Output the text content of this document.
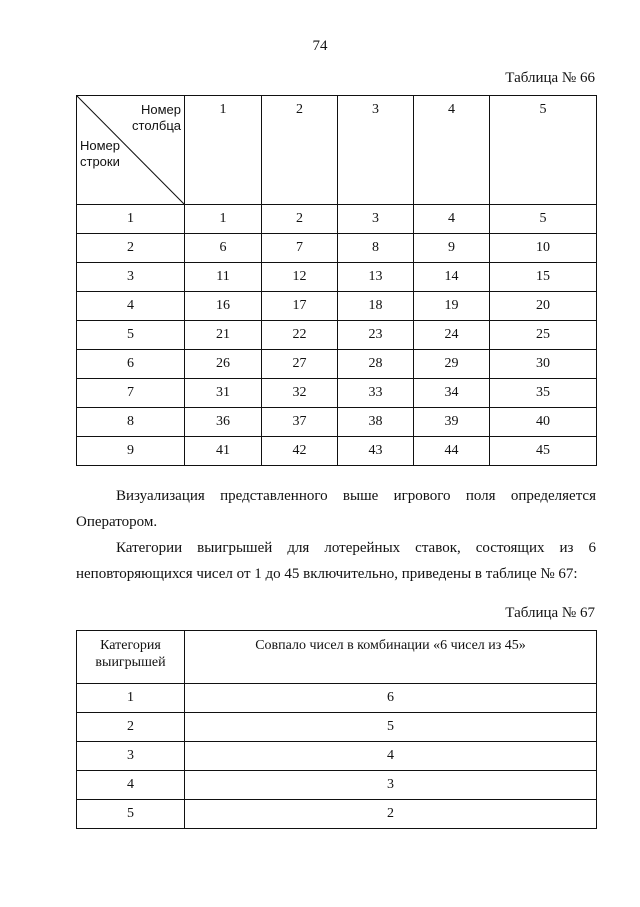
74
Таблица № 66
Номер
столбца
Номер
строки	1	2	3	4	5
1	1	2	3	4	5
2	6	7	8	9	10
3	11	12	13	14	15
4	16	17	18	19	20
5	21	22	23	24	25
6	26	27	28	29	30
7	31	32	33	34	35
8	36	37	38	39	40
9	41	42	43	44	45
Визуализация представленного выше игрового поля определяется Оператором.
Категории выигрышей для лотерейных ставок, состоящих из 6 неповторяющихся чисел от 1 до 45 включительно, приведены в таблице № 67:
Таблица № 67
Категория
выигрышей	Совпало чисел в комбинации «6 чисел из 45»
1	6
2	5
3	4
4	3
5	2
